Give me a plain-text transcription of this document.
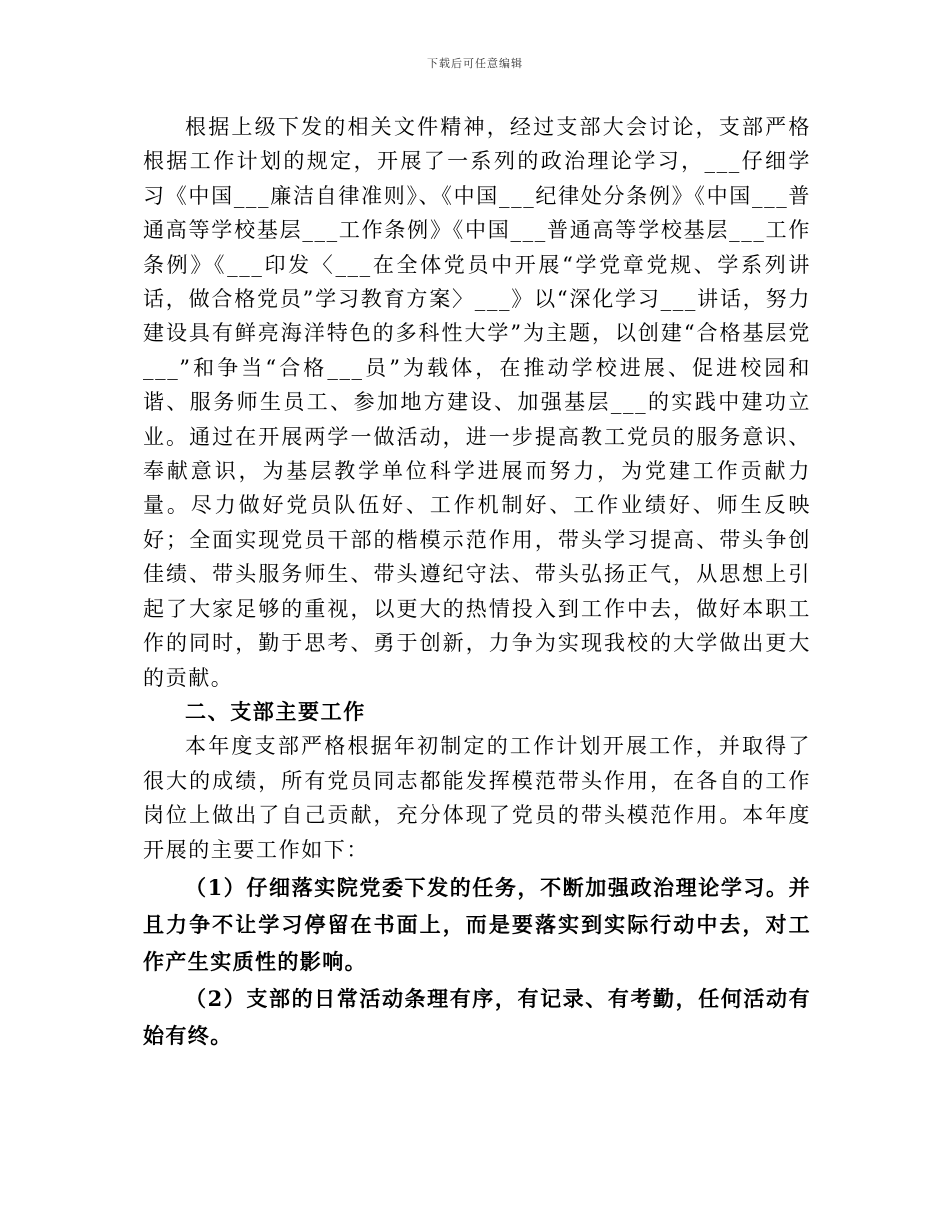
下载后可任意编辑

根据上级下发的相关文件精神，经过支部大会讨论，支部严格根据工作计划的规定，开展了一系列的政治理论学习，___仔细学习《中国___廉洁自律准则》、《中国___纪律处分条例》《中国___普通高等学校基层___工作条例》《中国___普通高等学校基层___工作条例》《___印发〈___在全体党员中开展“学党章党规、学系列讲话，做合格党员”学习教育方案〉___》以“深化学习___讲话，努力建设具有鲜亮海洋特色的多科性大学”为主题，以创建“合格基层党___”和争当“合格___员”为载体，在推动学校进展、促进校园和谐、服务师生员工、参加地方建设、加强基层___的实践中建功立业。通过在开展两学一做活动，进一步提高教工党员的服务意识、奉献意识，为基层教学单位科学进展而努力，为党建工作贡献力量。尽力做好党员队伍好、工作机制好、工作业绩好、师生反映好；全面实现党员干部的楷模示范作用，带头学习提高、带头争创佳绩、带头服务师生、带头遵纪守法、带头弘扬正气，从思想上引起了大家足够的重视，以更大的热情投入到工作中去，做好本职工作的同时，勤于思考、勇于创新，力争为实现我校的大学做出更大的贡献。

二、支部主要工作

本年度支部严格根据年初制定的工作计划开展工作，并取得了很大的成绩，所有党员同志都能发挥模范带头作用，在各自的工作岗位上做出了自己贡献，充分体现了党员的带头模范作用。本年度开展的主要工作如下：

（1）仔细落实院党委下发的任务，不断加强政治理论学习。并且力争不让学习停留在书面上，而是要落实到实际行动中去，对工作产生实质性的影响。

（2）支部的日常活动条理有序，有记录、有考勤，任何活动有始有终。
